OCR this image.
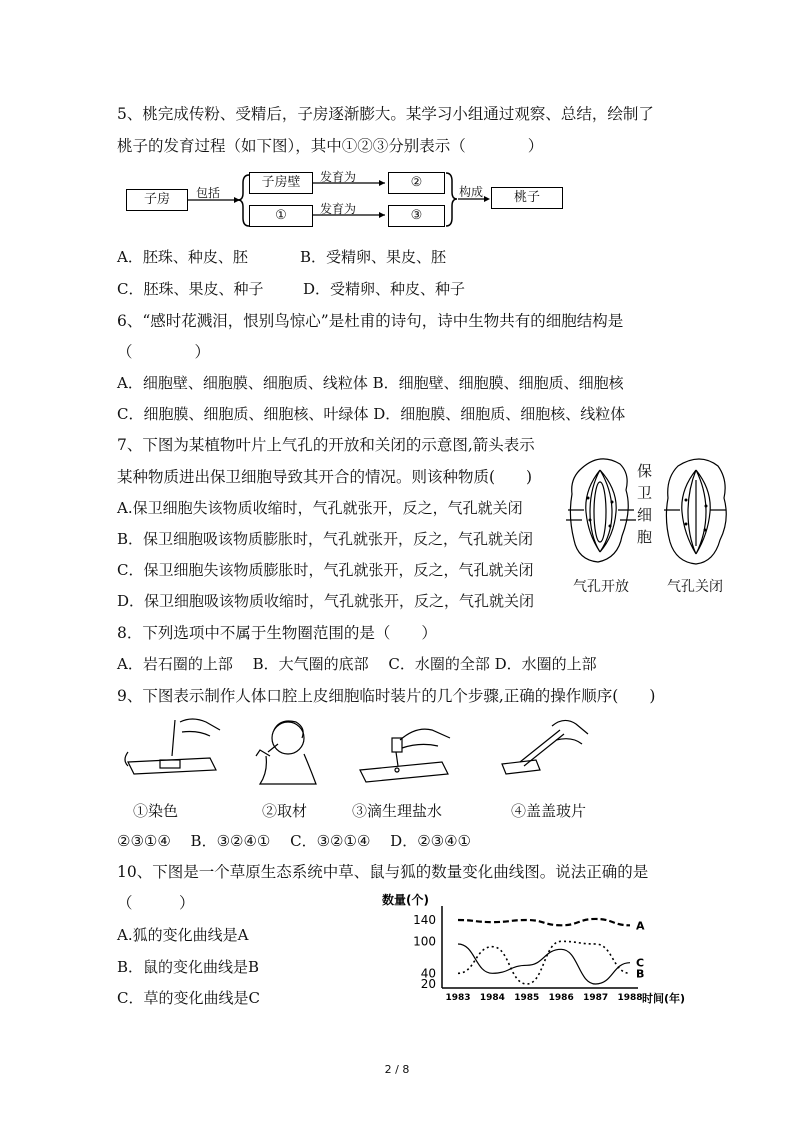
5、桃完成传粉、受精后，子房逐渐膨大。某学习小组通过观察、总结，绘制了
桃子的发育过程（如下图），其中①②③分别表示（　　　　）
子房	包括
子房壁
①
发育为
发育为
②
③
构成	桃子
A．胚珠、种皮、胚	B．受精卵、果皮、胚
C．胚珠、果皮、种子	D．受精卵、种皮、种子
6、“感时花溅泪，恨别鸟惊心”是杜甫的诗句，诗中生物共有的细胞结构是
（　　　　）
A．细胞壁、细胞膜、细胞质、线粒体 B．细胞壁、细胞膜、细胞质、细胞核
C．细胞膜、细胞质、细胞核、叶绿体 D．细胞膜、细胞质、细胞核、线粒体
7、下图为某植物叶片上气孔的开放和关闭的示意图,箭头表示
某种物质进出保卫细胞导致其开合的情况。则该种物质(　　)
A.保卫细胞失该物质收缩时，气孔就张开，反之，气孔就关闭
B．保卫细胞吸该物质膨胀时，气孔就张开，反之，气孔就关闭
C．保卫细胞失该物质膨胀时，气孔就张开，反之，气孔就关闭
D．保卫细胞吸该物质收缩时，气孔就张开，反之，气孔就关闭
保
卫
细
胞
气孔开放	气孔关闭
8．下列选项中不属于生物圈范围的是（　　）
A．岩石圈的上部　 B．大气圈的底部　 C．水圈的全部 D．水圈的上部
9、下图表示制作人体口腔上皮细胞临时装片的几个步骤,正确的操作顺序(　　)
①染色	②取材	③滴生理盐水	④盖盖玻片
②③①④　 B．③②④①　 C．③②①④　 D．②③④①
10、下图是一个草原生态系统中草、鼠与狐的数量变化曲线图。说法正确的是
（　　　）
A.狐的变化曲线是A
B．鼠的变化曲线是B
C．草的变化曲线是C
140
100
40
20
1983 1984 1985 1986 1987 1988
A
B
C
数量(个)
时间(年)
2 / 8
